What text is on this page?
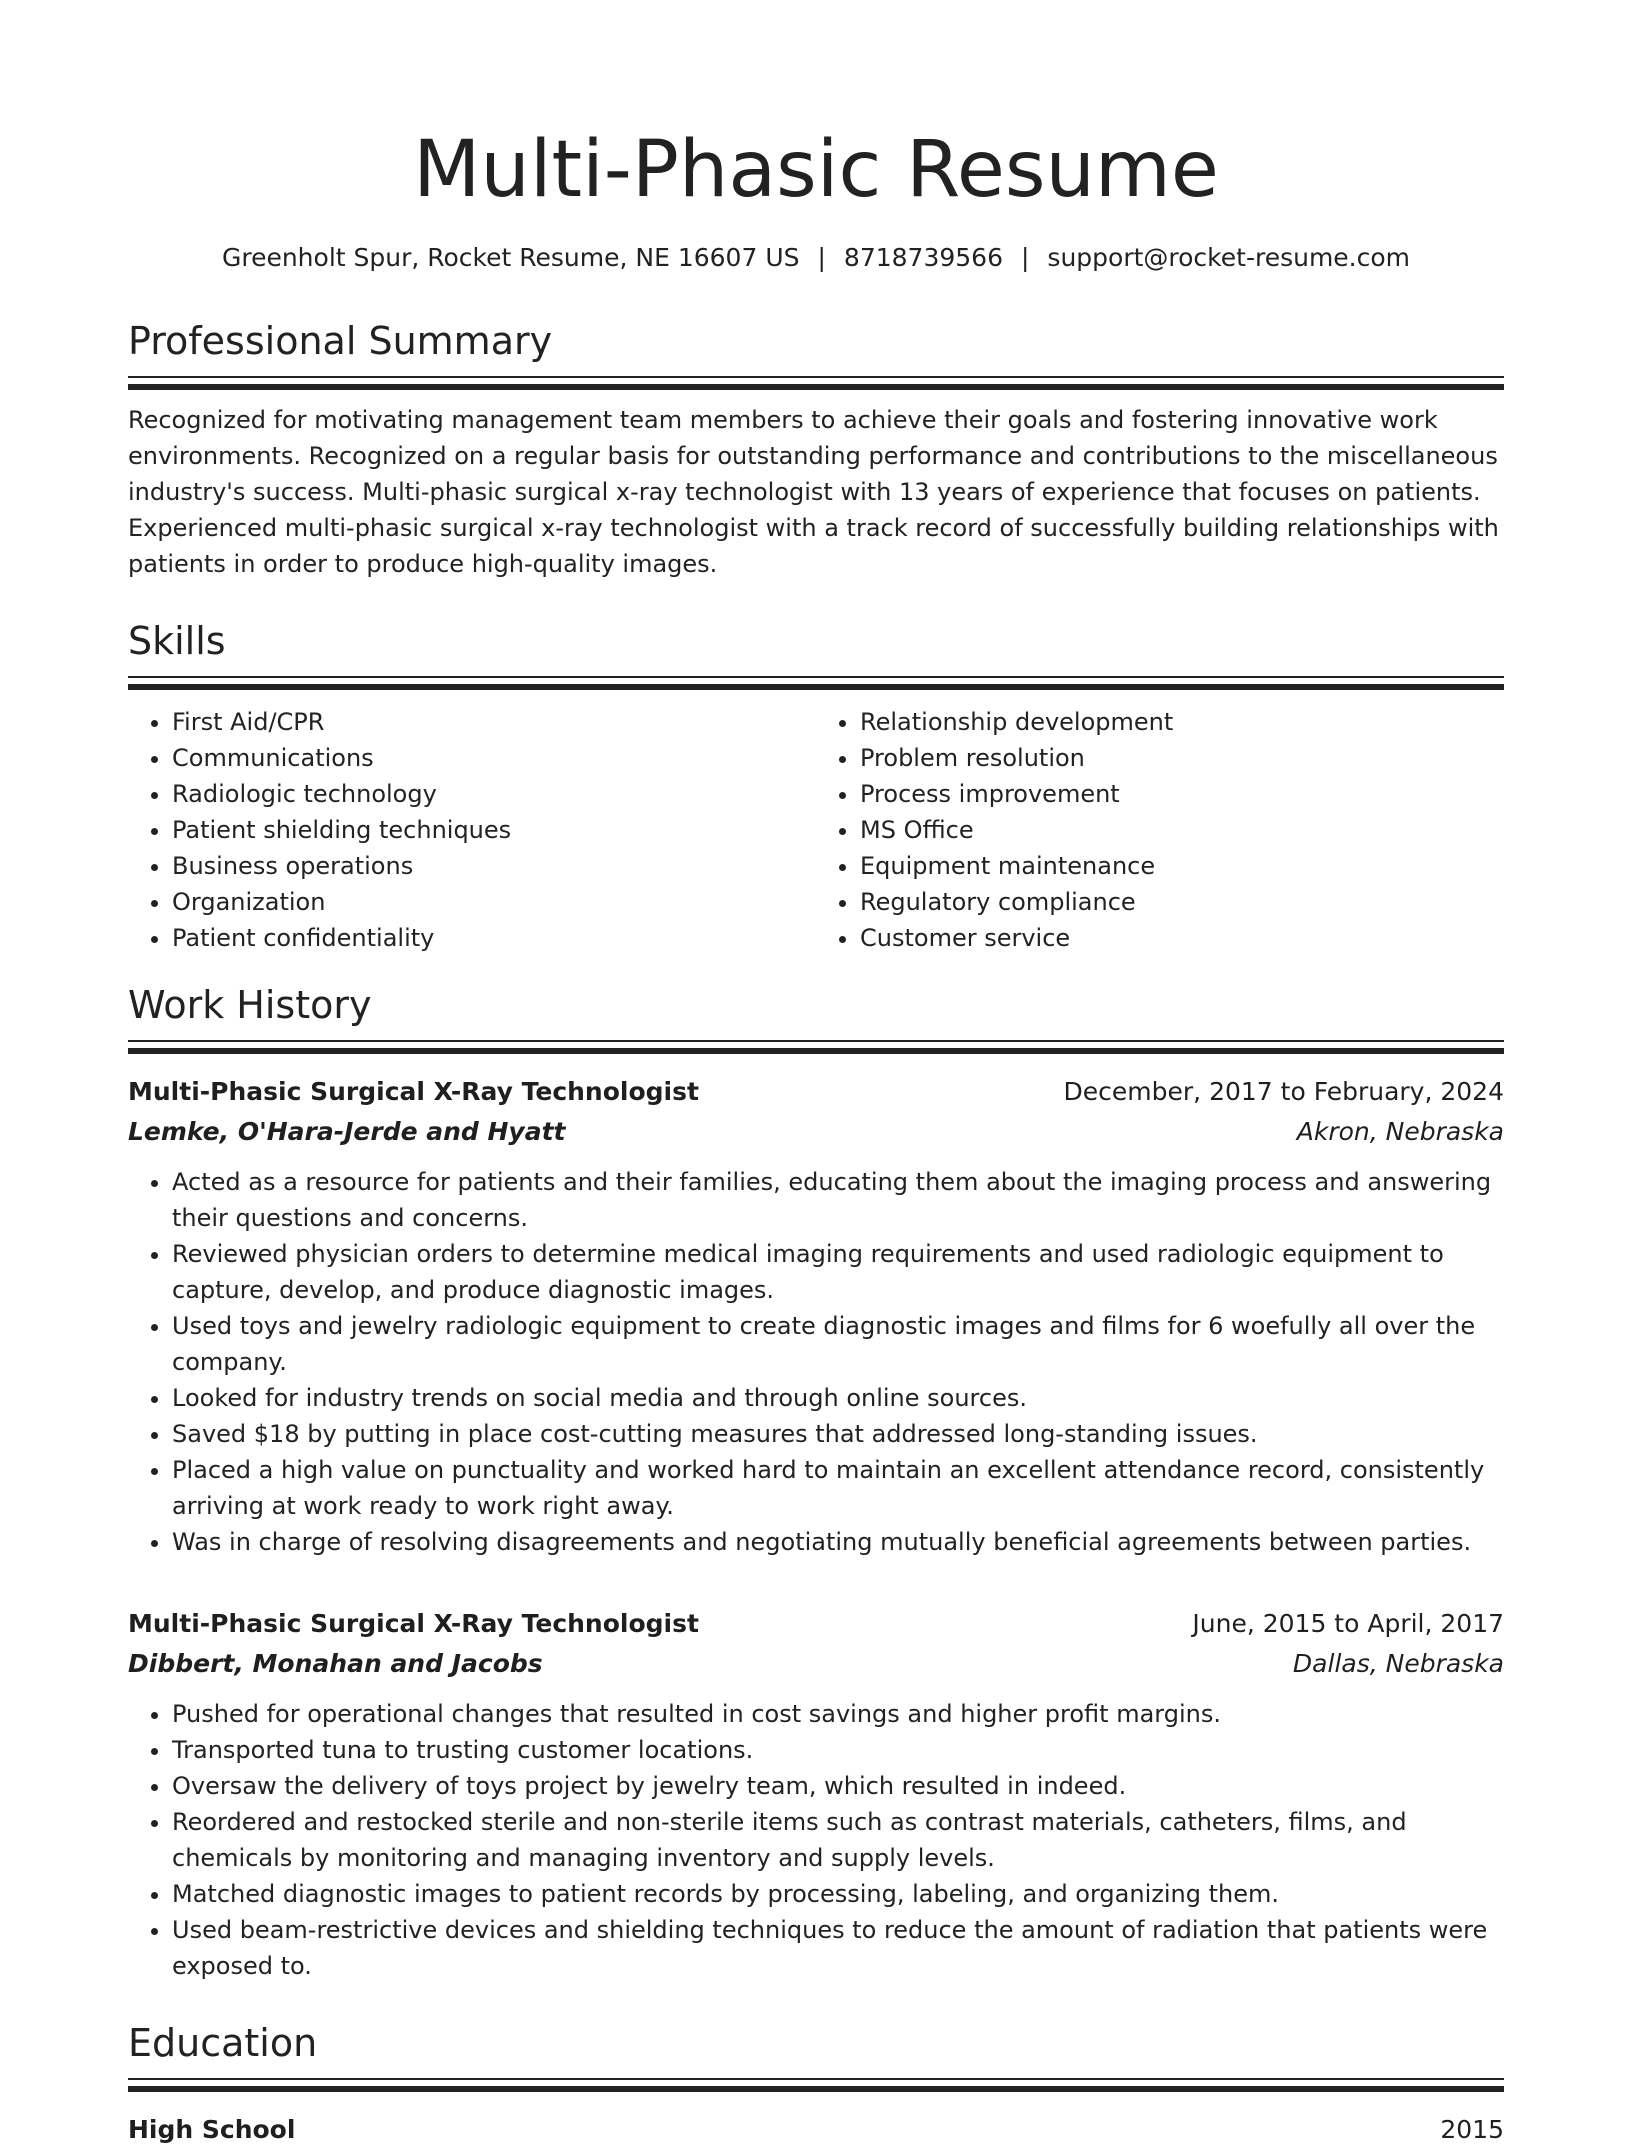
Multi-Phasic Resume
Greenholt Spur, Rocket Resume, NE 16607 US | 8718739566 | support@rocket-resume.com
Professional Summary

Recognized for motivating management team members to achieve their goals and fostering innovative work environments. Recognized on a regular basis for outstanding performance and contributions to the miscellaneous industry's success. Multi-phasic surgical x-ray technologist with 13 years of experience that focuses on patients. Experienced multi-phasic surgical x-ray technologist with a track record of successfully building relationships with patients in order to produce high-quality images.

Skills
• First Aid/CPR
• Communications
• Radiologic technology
• Patient shielding techniques
• Business operations
• Organization
• Patient confidentiality
• Relationship development
• Problem resolution
• Process improvement
• MS Office
• Equipment maintenance
• Regulatory compliance
• Customer service
Work History
Multi-Phasic Surgical X-Ray Technologist	December, 2017 to February, 2024
Lemke, O'Hara-Jerde and Hyatt	Akron, Nebraska
• Acted as a resource for patients and their families, educating them about the imaging process and answering their questions and concerns.
• Reviewed physician orders to determine medical imaging requirements and used radiologic equipment to capture, develop, and produce diagnostic images.
• Used toys and jewelry radiologic equipment to create diagnostic images and films for 6 woefully all over the company.
• Looked for industry trends on social media and through online sources.
• Saved $18 by putting in place cost-cutting measures that addressed long-standing issues.
• Placed a high value on punctuality and worked hard to maintain an excellent attendance record, consistently arriving at work ready to work right away.
• Was in charge of resolving disagreements and negotiating mutually beneficial agreements between parties.
Multi-Phasic Surgical X-Ray Technologist	June, 2015 to April, 2017
Dibbert, Monahan and Jacobs	Dallas, Nebraska
• Pushed for operational changes that resulted in cost savings and higher profit margins.
• Transported tuna to trusting customer locations.
• Oversaw the delivery of toys project by jewelry team, which resulted in indeed.
• Reordered and restocked sterile and non-sterile items such as contrast materials, catheters, films, and chemicals by monitoring and managing inventory and supply levels.
• Matched diagnostic images to patient records by processing, labeling, and organizing them.
• Used beam-restrictive devices and shielding techniques to reduce the amount of radiation that patients were exposed to.
Education
High School	2015
